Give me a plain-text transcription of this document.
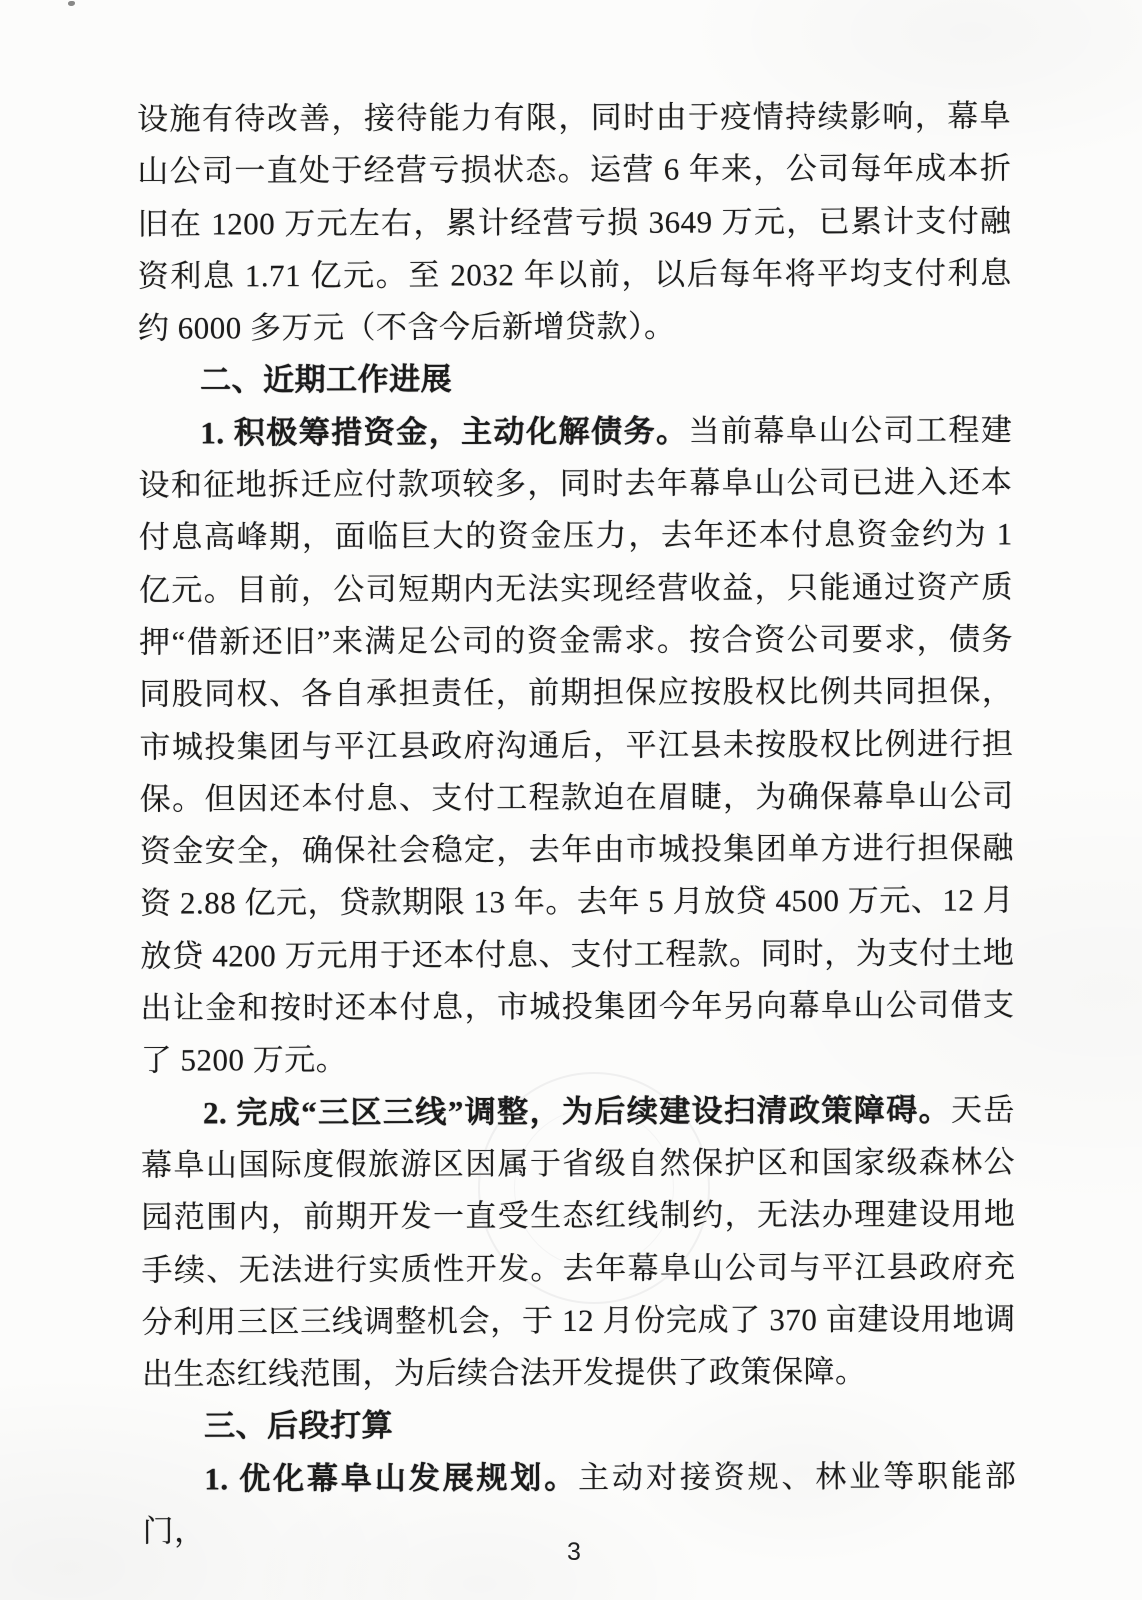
设施有待改善，接待能力有限，同时由于疫情持续影响，幕阜山公司一直处于经营亏损状态。运营 6 年来，公司每年成本折旧在 1200 万元左右，累计经营亏损 3649 万元，已累计支付融资利息 1.71 亿元。至 2032 年以前，以后每年将平均支付利息约 6000 多万元（不含今后新增贷款）。

二、近期工作进展

1. 积极筹措资金，主动化解债务。当前幕阜山公司工程建设和征地拆迁应付款项较多，同时去年幕阜山公司已进入还本付息高峰期，面临巨大的资金压力，去年还本付息资金约为 1 亿元。目前，公司短期内无法实现经营收益，只能通过资产质押“借新还旧”来满足公司的资金需求。按合资公司要求，债务同股同权、各自承担责任，前期担保应按股权比例共同担保，市城投集团与平江县政府沟通后，平江县未按股权比例进行担保。但因还本付息、支付工程款迫在眉睫，为确保幕阜山公司资金安全，确保社会稳定，去年由市城投集团单方进行担保融资 2.88 亿元，贷款期限 13 年。去年 5 月放贷 4500 万元、12 月放贷 4200 万元用于还本付息、支付工程款。同时，为支付土地出让金和按时还本付息，市城投集团今年另向幕阜山公司借支了 5200 万元。

2. 完成“三区三线”调整，为后续建设扫清政策障碍。天岳幕阜山国际度假旅游区因属于省级自然保护区和国家级森林公园范围内，前期开发一直受生态红线制约，无法办理建设用地手续、无法进行实质性开发。去年幕阜山公司与平江县政府充分利用三区三线调整机会，于 12 月份完成了 370 亩建设用地调出生态红线范围，为后续合法开发提供了政策保障。

三、后段打算

1. 优化幕阜山发展规划。主动对接资规、林业等职能部门，

3
